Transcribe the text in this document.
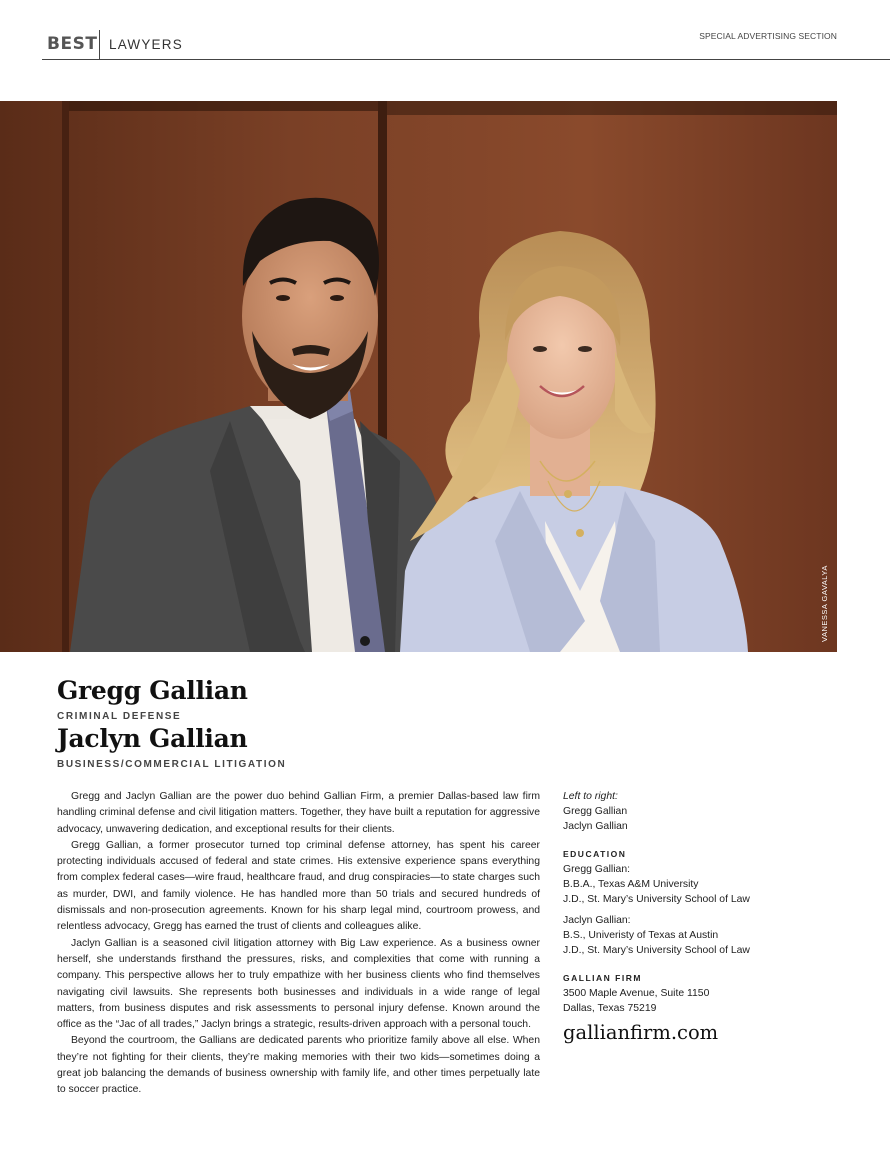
BEST LAWYERS
SPECIAL ADVERTISING SECTION
VANESSA GAVALYA
Gregg Gallian
CRIMINAL DEFENSE
Jaclyn Gallian
BUSINESS/COMMERCIAL LITIGATION

Gregg and Jaclyn Gallian are the power duo behind Gallian Firm, a premier Dallas-based law firm handling criminal defense and civil litigation matters. Together, they have built a reputation for aggressive advocacy, unwavering dedication, and exceptional results for their clients.

Gregg Gallian, a former prosecutor turned top criminal defense attorney, has spent his career protecting individuals accused of federal and state crimes. His extensive experience spans everything from complex federal cases—wire fraud, healthcare fraud, and drug conspiracies—to state charges such as murder, DWI, and family violence. He has handled more than 50 trials and secured hundreds of dismissals and non-prosecution agreements. Known for his sharp legal mind, courtroom prowess, and relentless advocacy, Gregg has earned the trust of clients and colleagues alike.

Jaclyn Gallian is a seasoned civil litigation attorney with Big Law experience. As a business owner herself, she understands firsthand the pressures, risks, and complexities that come with running a company. This perspective allows her to truly empathize with her business clients who find themselves navigating civil lawsuits. She represents both businesses and individuals in a wide range of legal matters, from business disputes and risk assessments to personal injury defense. Known around the office as the “Jac of all trades,” Jaclyn brings a strategic, results-driven approach with a personal touch.

Beyond the courtroom, the Gallians are dedicated parents who prioritize family above all else. When they’re not fighting for their clients, they’re making memories with their two kids—sometimes doing a great job balancing the demands of business ownership with family life, and other times perpetually late to soccer practice.

Left to right:
Gregg Gallian
Jaclyn Gallian
EDUCATION
Gregg Gallian:
B.B.A., Texas A&M University
J.D., St. Mary’s University School of Law
Jaclyn Gallian:
B.S., Univeristy of Texas at Austin
J.D., St. Mary’s University School of Law
GALLIAN FIRM
3500 Maple Avenue, Suite 1150
Dallas, Texas 75219
gallianfirm.com
